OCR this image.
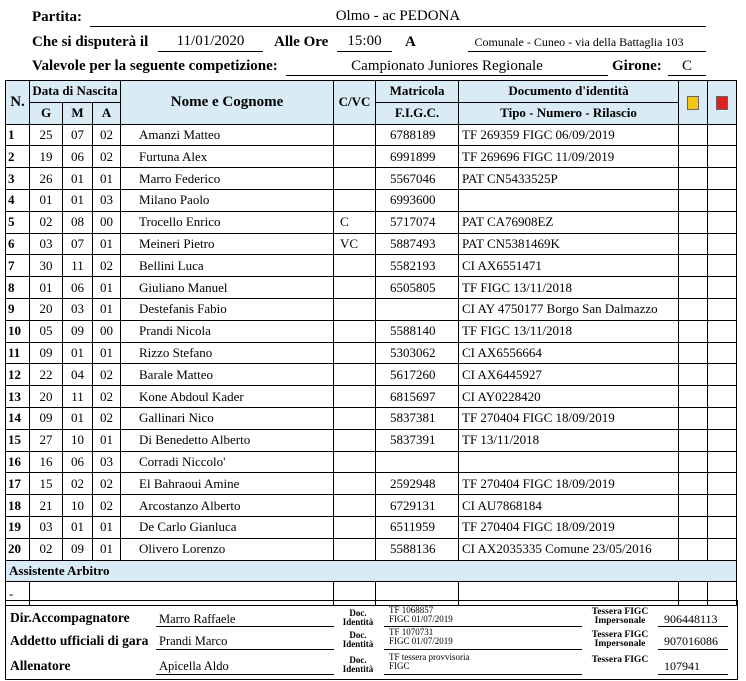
Partita:	Olmo - ac PEDONA
Che si disputerà il	11/01/2020	Alle Ore	15:00	A	Comunale - Cuneo - via della Battaglia 103
Valevole per la seguente competizione:	Campionato Juniores Regionale	Girone:	C
N.	Data di Nascita			Nome e Cognome	C/VC	Matricola	Documento d'identità		
	G	M	A			F.I.G.C.	Tipo - Numero - Rilascio		
1	25	07	02	Amanzi Matteo		6788189	TF 269359 FIGC 06/09/2019		
2	19	06	02	Furtuna Alex		6991899	TF 269696 FIGC 11/09/2019		
3	26	01	01	Marro Federico		5567046	PAT CN5433525P		
4	01	01	03	Milano Paolo		6993600			
5	02	08	00	Trocello Enrico	C	5717074	PAT CA76908EZ		
6	03	07	01	Meineri Pietro	VC	5887493	PAT CN5381469K		
7	30	11	02	Bellini Luca		5582193	CI AX6551471		
8	01	06	01	Giuliano Manuel		6505805	TF FIGC 13/11/2018		
9	20	03	01	Destefanis Fabio			CI AY 4750177 Borgo San Dalmazzo		
10	05	09	00	Prandi Nicola		5588140	TF FIGC 13/11/2018		
11	09	01	01	Rizzo Stefano		5303062	CI AX6556664		
12	22	04	02	Barale Matteo		5617260	CI AX6445927		
13	20	11	02	Kone Abdoul Kader		6815697	CI AY0228420		
14	09	01	02	Gallinari Nico		5837381	TF 270404 FIGC 18/09/2019		
15	27	10	01	Di Benedetto Alberto		5837391	TF 13/11/2018		
16	16	06	03	Corradi Niccolo'					
17	15	02	02	El Bahraoui Amine		2592948	TF 270404 FIGC 18/09/2019		
18	21	10	02	Arcostanzo Alberto		6729131	CI AU7868184		
19	03	01	01	De Carlo Gianluca		6511959	TF 270404 FIGC 18/09/2019		
20	02	09	01	Olivero Lorenzo		5588136	CI AX2035335 Comune 23/05/2016		
Assistente Arbitro									
-									
Dir.Accompagnatore Marro Raffaele	Doc. Identità
TF 1068857
FIGC 01/07/2019
Tessera FIGC Impersonale	906448113
Addetto ufficiali di gara Prandi Marco	Doc. Identità
TF 1070731
FIGC 01/07/2019
Tessera FIGC Impersonale	907016086
Allenatore	Apicella Aldo	Doc. Identità
TF tessera provvisoria
FIGC
Tessera FIGC	107941
